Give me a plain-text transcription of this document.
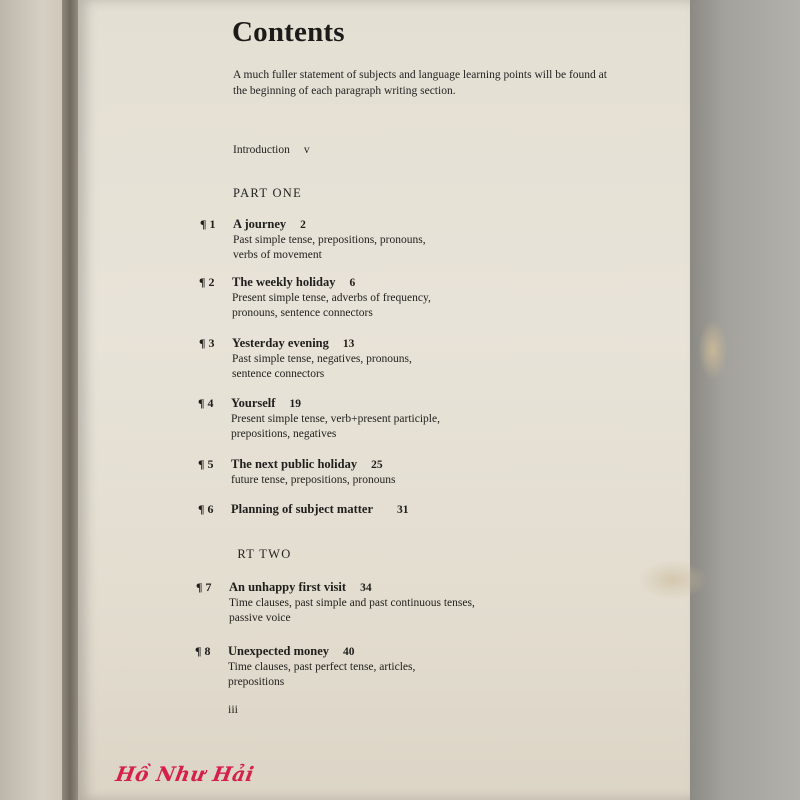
Contents
A much fuller statement of subjects and language learning points will be found at the beginning of each paragraph writing section.
Introduction v
PART ONE
RT TWO
¶ 1 A journey 2
Past simple tense, prepositions, pronouns,
verbs of movement
¶ 2 The weekly holiday 6
Present simple tense, adverbs of frequency,
pronouns, sentence connectors
¶ 3 Yesterday evening 13
Past simple tense, negatives, pronouns,
sentence connectors
¶ 4 Yourself 19
Present simple tense, verb+present participle,
prepositions, negatives
¶ 5 The next public holiday 25
future tense, prepositions, pronouns
¶ 6 Planning of subject matter 31
¶ 7 An unhappy first visit 34
Time clauses, past simple and past continuous tenses,
passive voice
¶ 8 Unexpected money 40
Time clauses, past perfect tense, articles,
prepositions
iii
Hồ Như Hải
